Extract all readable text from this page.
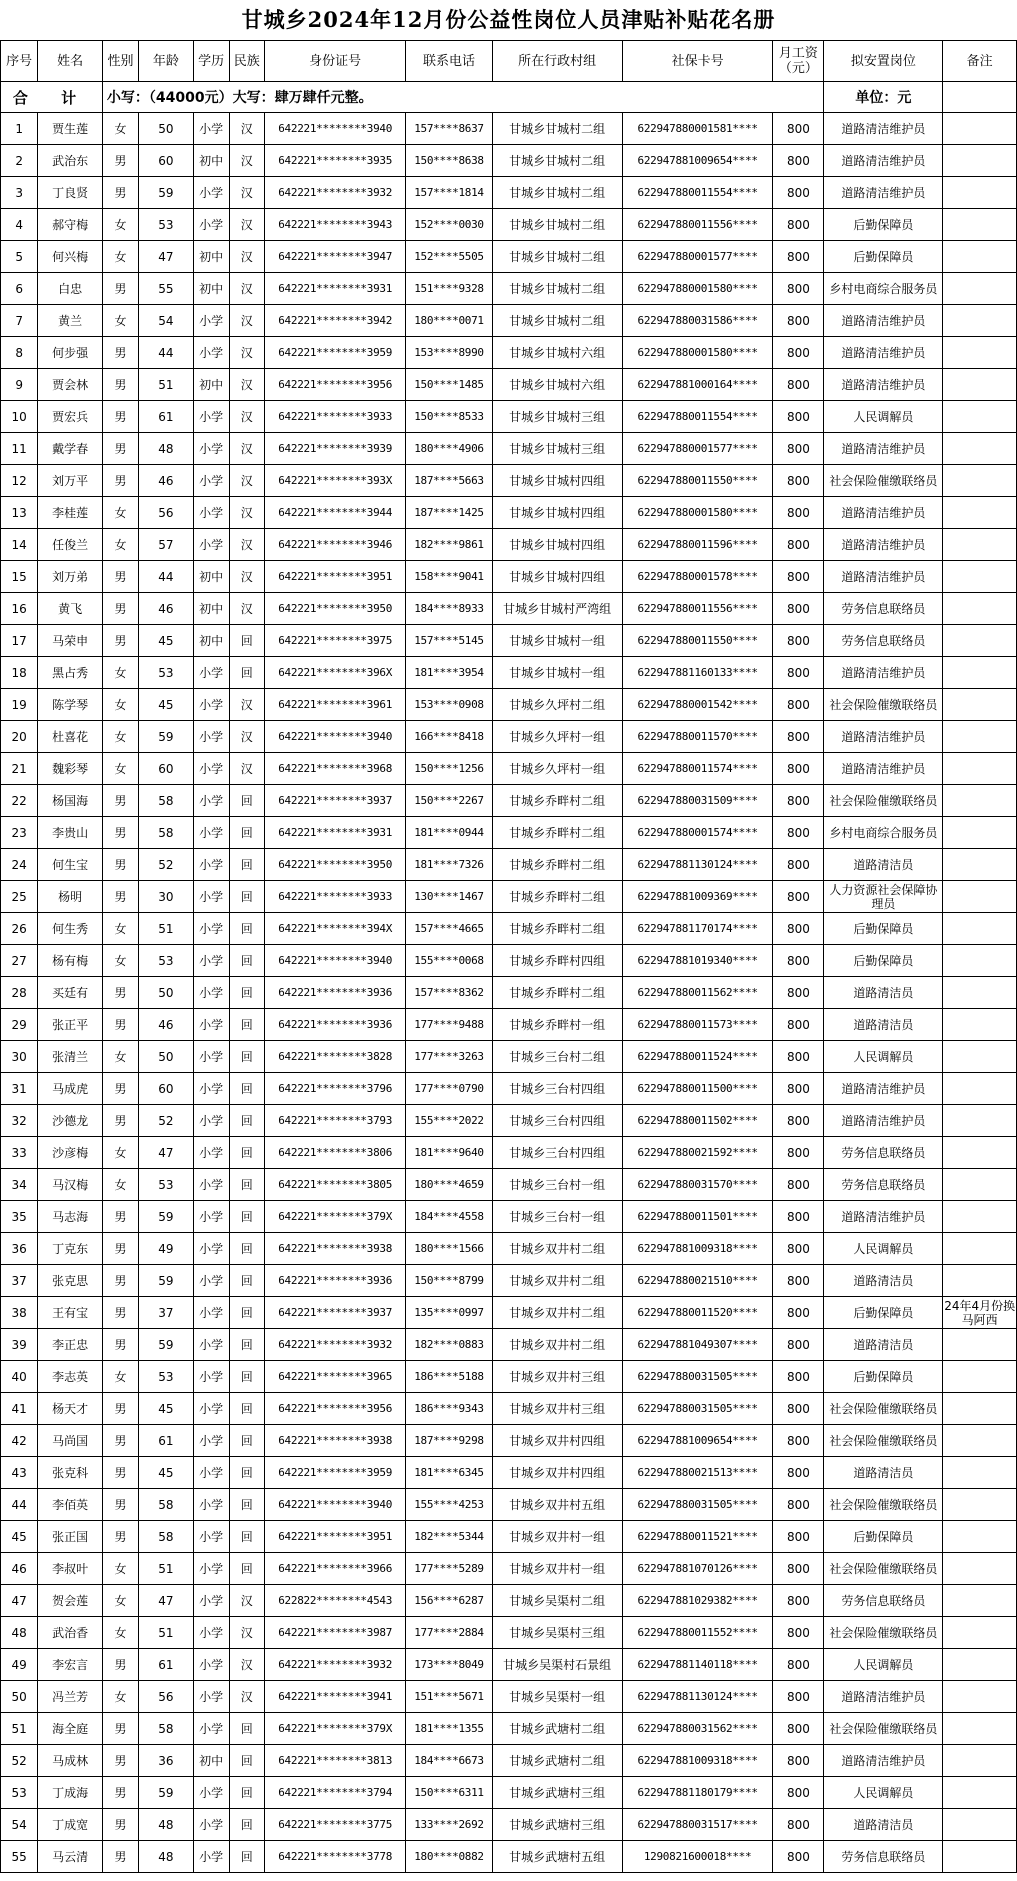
甘城乡2024年12月份公益性岗位人员津贴补贴花名册
合 计		小写：（44000元）大写：肆万肆仟元整。									单位：元	
序号	姓名	性别	年龄	学历	民族	身份证号	联系电话	所在行政村组	社保卡号	月工资（元）	拟安置岗位	备注
1	贾生莲	女	50	小学	汉	642221********3940	157****8637	甘城乡甘城村二组	622947880001581****	800	道路清洁维护员	
2	武治东	男	60	初中	汉	642221********3935	150****8638	甘城乡甘城村二组	622947881009654****	800	道路清洁维护员	
3	丁良贤	男	59	小学	汉	642221********3932	157****1814	甘城乡甘城村二组	622947880011554****	800	道路清洁维护员	
4	郝守梅	女	53	小学	汉	642221********3943	152****0030	甘城乡甘城村二组	622947880011556****	800	后勤保障员	
5	何兴梅	女	47	初中	汉	642221********3947	152****5505	甘城乡甘城村二组	622947880001577****	800	后勤保障员	
6	白忠	男	55	初中	汉	642221********3931	151****9328	甘城乡甘城村二组	622947880001580****	800	乡村电商综合服务员	
7	黄兰	女	54	小学	汉	642221********3942	180****0071	甘城乡甘城村二组	622947880031586****	800	道路清洁维护员	
8	何步强	男	44	小学	汉	642221********3959	153****8990	甘城乡甘城村六组	622947880001580****	800	道路清洁维护员	
9	贾会林	男	51	初中	汉	642221********3956	150****1485	甘城乡甘城村六组	622947881000164****	800	道路清洁维护员	
10	贾宏兵	男	61	小学	汉	642221********3933	150****8533	甘城乡甘城村三组	622947880011554****	800	人民调解员	
11	戴学春	男	48	小学	汉	642221********3939	180****4906	甘城乡甘城村三组	622947880001577****	800	道路清洁维护员	
12	刘万平	男	46	小学	汉	642221********393X	187****5663	甘城乡甘城村四组	622947880011550****	800	社会保险催缴联络员	
13	李桂莲	女	56	小学	汉	642221********3944	187****1425	甘城乡甘城村四组	622947880001580****	800	道路清洁维护员	
14	任俊兰	女	57	小学	汉	642221********3946	182****9861	甘城乡甘城村四组	622947880011596****	800	道路清洁维护员	
15	刘万弟	男	44	初中	汉	642221********3951	158****9041	甘城乡甘城村四组	622947880001578****	800	道路清洁维护员	
16	黄飞	男	46	初中	汉	642221********3950	184****8933	甘城乡甘城村严湾组	622947880011556****	800	劳务信息联络员	
17	马荣申	男	45	初中	回	642221********3975	157****5145	甘城乡甘城村一组	622947880011550****	800	劳务信息联络员	
18	黑占秀	女	53	小学	回	642221********396X	181****3954	甘城乡甘城村一组	622947881160133****	800	道路清洁维护员	
19	陈学琴	女	45	小学	汉	642221********3961	153****0908	甘城乡久坪村二组	622947880001542****	800	社会保险催缴联络员	
20	杜喜花	女	59	小学	汉	642221********3940	166****8418	甘城乡久坪村一组	622947880011570****	800	道路清洁维护员	
21	魏彩琴	女	60	小学	汉	642221********3968	150****1256	甘城乡久坪村一组	622947880011574****	800	道路清洁维护员	
22	杨国海	男	58	小学	回	642221********3937	150****2267	甘城乡乔畔村二组	622947880031509****	800	社会保险催缴联络员	
23	李贵山	男	58	小学	回	642221********3931	181****0944	甘城乡乔畔村二组	622947880001574****	800	乡村电商综合服务员	
24	何生宝	男	52	小学	回	642221********3950	181****7326	甘城乡乔畔村二组	622947881130124****	800	道路清洁员	
25	杨明	男	30	小学	回	642221********3933	130****1467	甘城乡乔畔村二组	622947881009369****	800	人力资源社会保障协理员	
26	何生秀	女	51	小学	回	642221********394X	157****4665	甘城乡乔畔村二组	622947881170174****	800	后勤保障员	
27	杨有梅	女	53	小学	回	642221********3940	155****0068	甘城乡乔畔村四组	622947881019340****	800	后勤保障员	
28	买廷有	男	50	小学	回	642221********3936	157****8362	甘城乡乔畔村二组	622947880011562****	800	道路清洁员	
29	张正平	男	46	小学	回	642221********3936	177****9488	甘城乡乔畔村一组	622947880011573****	800	道路清洁员	
30	张清兰	女	50	小学	回	642221********3828	177****3263	甘城乡三台村二组	622947880011524****	800	人民调解员	
31	马成虎	男	60	小学	回	642221********3796	177****0790	甘城乡三台村四组	622947880011500****	800	道路清洁维护员	
32	沙德龙	男	52	小学	回	642221********3793	155****2022	甘城乡三台村四组	622947880011502****	800	道路清洁维护员	
33	沙彦梅	女	47	小学	回	642221********3806	181****9640	甘城乡三台村四组	622947880021592****	800	劳务信息联络员	
34	马汉梅	女	53	小学	回	642221********3805	180****4659	甘城乡三台村一组	622947880031570****	800	劳务信息联络员	
35	马志海	男	59	小学	回	642221********379X	184****4558	甘城乡三台村一组	622947880011501****	800	道路清洁维护员	
36	丁克东	男	49	小学	回	642221********3938	180****1566	甘城乡双井村二组	622947881009318****	800	人民调解员	
37	张克思	男	59	小学	回	642221********3936	150****8799	甘城乡双井村二组	622947880021510****	800	道路清洁员	
38	王有宝	男	37	小学	回	642221********3937	135****0997	甘城乡双井村二组	622947880011520****	800	后勤保障员	24年4月份换马阿西
39	李正忠	男	59	小学	回	642221********3932	182****0883	甘城乡双井村二组	622947881049307****	800	道路清洁员	
40	李志英	女	53	小学	回	642221********3965	186****5188	甘城乡双井村三组	622947880031505****	800	后勤保障员	
41	杨天才	男	45	小学	回	642221********3956	186****9343	甘城乡双井村三组	622947880031505****	800	社会保险催缴联络员	
42	马尚国	男	61	小学	回	642221********3938	187****9298	甘城乡双井村四组	622947881009654****	800	社会保险催缴联络员	
43	张克科	男	45	小学	回	642221********3959	181****6345	甘城乡双井村四组	622947880021513****	800	道路清洁员	
44	李佰英	男	58	小学	回	642221********3940	155****4253	甘城乡双井村五组	622947880031505****	800	社会保险催缴联络员	
45	张正国	男	58	小学	回	642221********3951	182****5344	甘城乡双井村一组	622947880011521****	800	后勤保障员	
46	李叔叶	女	51	小学	回	642221********3966	177****5289	甘城乡双井村一组	622947881070126****	800	社会保险催缴联络员	
47	贺会莲	女	47	小学	汉	622822********4543	156****6287	甘城乡吴渠村二组	622947881029382****	800	劳务信息联络员	
48	武治香	女	51	小学	汉	642221********3987	177****2884	甘城乡吴渠村三组	622947880011552****	800	社会保险催缴联络员	
49	李宏言	男	61	小学	汉	642221********3932	173****8049	甘城乡吴渠村石景组	622947881140118****	800	人民调解员	
50	冯兰芳	女	56	小学	汉	642221********3941	151****5671	甘城乡吴渠村一组	622947881130124****	800	道路清洁维护员	
51	海全庭	男	58	小学	回	642221********379X	181****1355	甘城乡武塘村二组	622947880031562****	800	社会保险催缴联络员	
52	马成林	男	36	初中	回	642221********3813	184****6673	甘城乡武塘村二组	622947881009318****	800	道路清洁维护员	
53	丁成海	男	59	小学	回	642221********3794	150****6311	甘城乡武塘村三组	622947881180179****	800	人民调解员	
54	丁成宽	男	48	小学	回	642221********3775	133****2692	甘城乡武塘村三组	622947880031517****	800	道路清洁员	
55	马云清	男	48	小学	回	642221********3778	180****0882	甘城乡武塘村五组	1290821600018****	800	劳务信息联络员	
